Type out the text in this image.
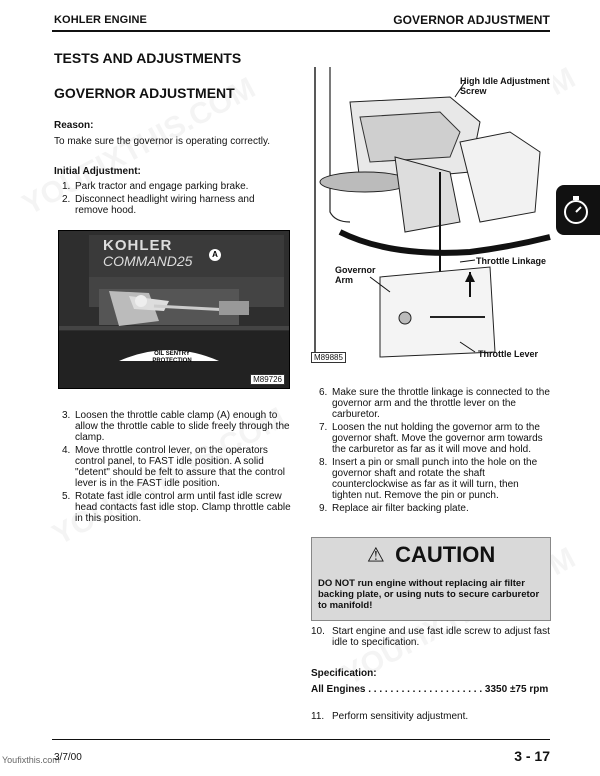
KOHLER ENGINE	GOVERNOR ADJUSTMENT
TESTS AND ADJUSTMENTS
GOVERNOR ADJUSTMENT
Reason:
To make sure the governor is operating correctly.
Initial Adjustment:
1. Park tractor and engage parking brake.
2. Disconnect headlight wiring harness and remove hood.
KOHLER
COMMAND25	A
OIL SENTRY PROTECTION
M89726
3. Loosen the throttle cable clamp (A) enough to allow the throttle cable to slide freely through the clamp.
4. Move throttle control lever, on the operators control panel, to FAST idle position. A solid "detent" should be felt to assure that the control lever is in the FAST idle position.
5. Rotate fast idle control arm until fast idle screw head contacts fast idle stop. Clamp throttle cable in this position.
High Idle Adjustment Screw
Throttle Linkage
Governor Arm
Throttle Lever
M89885
6. Make sure the throttle linkage is connected to the governor arm and the throttle lever on the carburetor.
7. Loosen the nut holding the governor arm to the governor shaft. Move the governor arm towards the carburetor as far as it will move and hold.
8. Insert a pin or small punch into the hole on the governor shaft and rotate the shaft counterclockwise as far as it will turn, then tighten nut. Remove the pin or punch.
9. Replace air filter backing plate.
⚠ CAUTION
DO NOT run engine without replacing air filter backing plate, or using nuts to secure carburetor to manifold!
10. Start engine and use fast idle screw to adjust fast idle to specification.
Specification:
All Engines . . . . . . . . . . . . . . . . . . . . . 3350 ±75 rpm
11. Perform sensitivity adjustment.
Youfixthis.com
3/7/00	3 - 17
